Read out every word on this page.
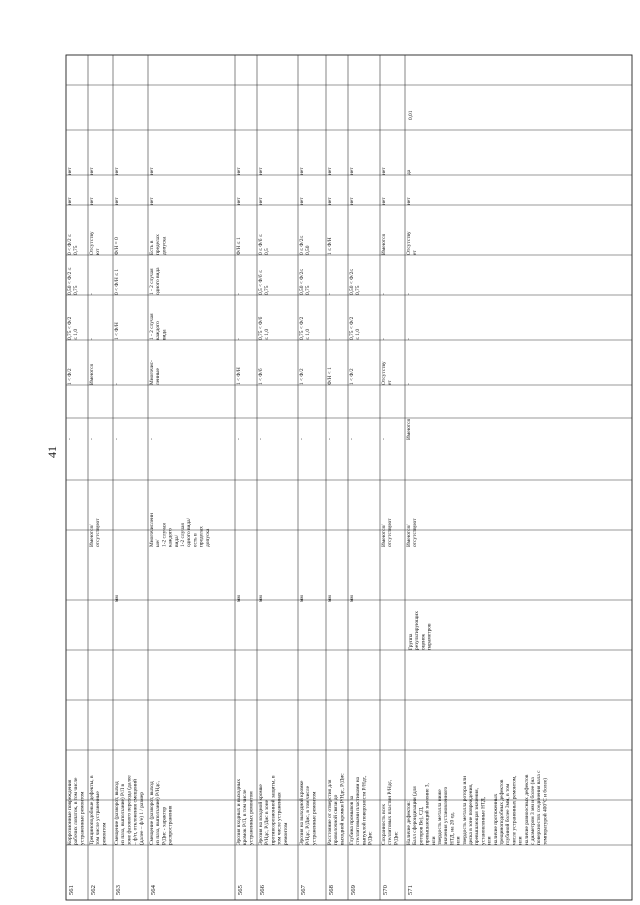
41
561
Коррозионные повреждения рабочих лопаток, в том числе устраненные ремонтом
-
1 < Φ/2
0,75 < Φ/2 ≤ 1,0
0,50 < Φ/2 ≤ 0,75
0 < Φ/2 ≤ 0,75
нет
нет
562
Трещиноподобные дефекты, в том числе устраненные ремонтом
Имеются/ отсутствуют
-
Имеются
-
-
Отсутству ют
нет
нет
563
Смещение (разворот, выход из паза, выползание) Р/Л в зоне фазового перехода (далее – ф/п, отклонения смещений (далее – ф/е) 1 / размер
мм
-
-
1 < Φ/Н
0 < Φ/Н ≤ 1
Φ/Н = 0
нет
нет
564
Смещение (разворот, выход из паза, выползание) Р/Ндс, Р/Дис - характер распространения
Многочисленн ые/ 1-2 случая каждого вида/ 1-2 случая одного вида/ есть в пределах допуска
-
Многочис- ленные
1 - 2 случая каждого вида
1 - 2 случая одного вида
Есть в пределах допуска
нет
нет
565
Эрозия входных и выходных кромок Р/Л, в том числе устраненных ремонтом
мм
-
1 < Φ/Н
-
-
Φ/Н ≤ 1
нет
нет
566
Эрозия на входной кромке Р/Ндс, Р/Дис в зоне противоэрозионной защиты, в том числе устраненная ремонтом
мм
-
1 < Φ/б
0,75 < Φ/б ≤ 1,0
0,5 < Φ/б ≤ 0,75
0 ≤ Φ/б ≤ 0,5
нет
нет
567
Эрозия на выходной кромке Р/Ндс, Р/Дис, в том числе устраненные ремонтом
мм
-
1 < Φ/2
0,75 < Φ/2 ≤ 1,0
0,50 < Φ/2≤ 0,75
0 ≤ Φ/2≤ 0,50
нет
нет
568
Расстояние от отверстия для проволочной связи до выходной кромки Р/Ндс, Р/Дис
мм
-
Φ/Н < 1
-
-
1 ≤ Φ/Н
нет
нет
569
Глубина промывов за стеллитовыми пластинами на выпуклой поверхности Р/Ндс, Р/Дис
мм
-
1 < Φ/2
0,75 < Φ/2 ≤ 1,0
0,50 < Φ/2≤ 0,75
нет
нет
570
Сохранность всех стеллитовых пластин Р/Ндс, Р/Дис
Имеются/ отсутствуют
-
Отсутству ет
-
-
Имеются
нет
нет
571
Наличие дефектов: Балл сфероидизации (для роторов Ве), СД, превышающий значение 3, или твердость металла ниже значения установленного НТД, на 20 ед. или твердость металла ротора или диска в зоне повреждения, превышающая значения, установленные НТД, или наличие протяженных трещиноподобных дефектов глубиной более 3мм, в том числе устраненных ремонтом, или наличие равноосных дефектов с диаметром 3 мм и более (на поверхностях соединения вала с температурой 400°С и более)
Имеются/ отсутствуют
Имеются
-
-
-
Отсутству ет
нет
да
0,01
Группа результирующих оценок параметров
